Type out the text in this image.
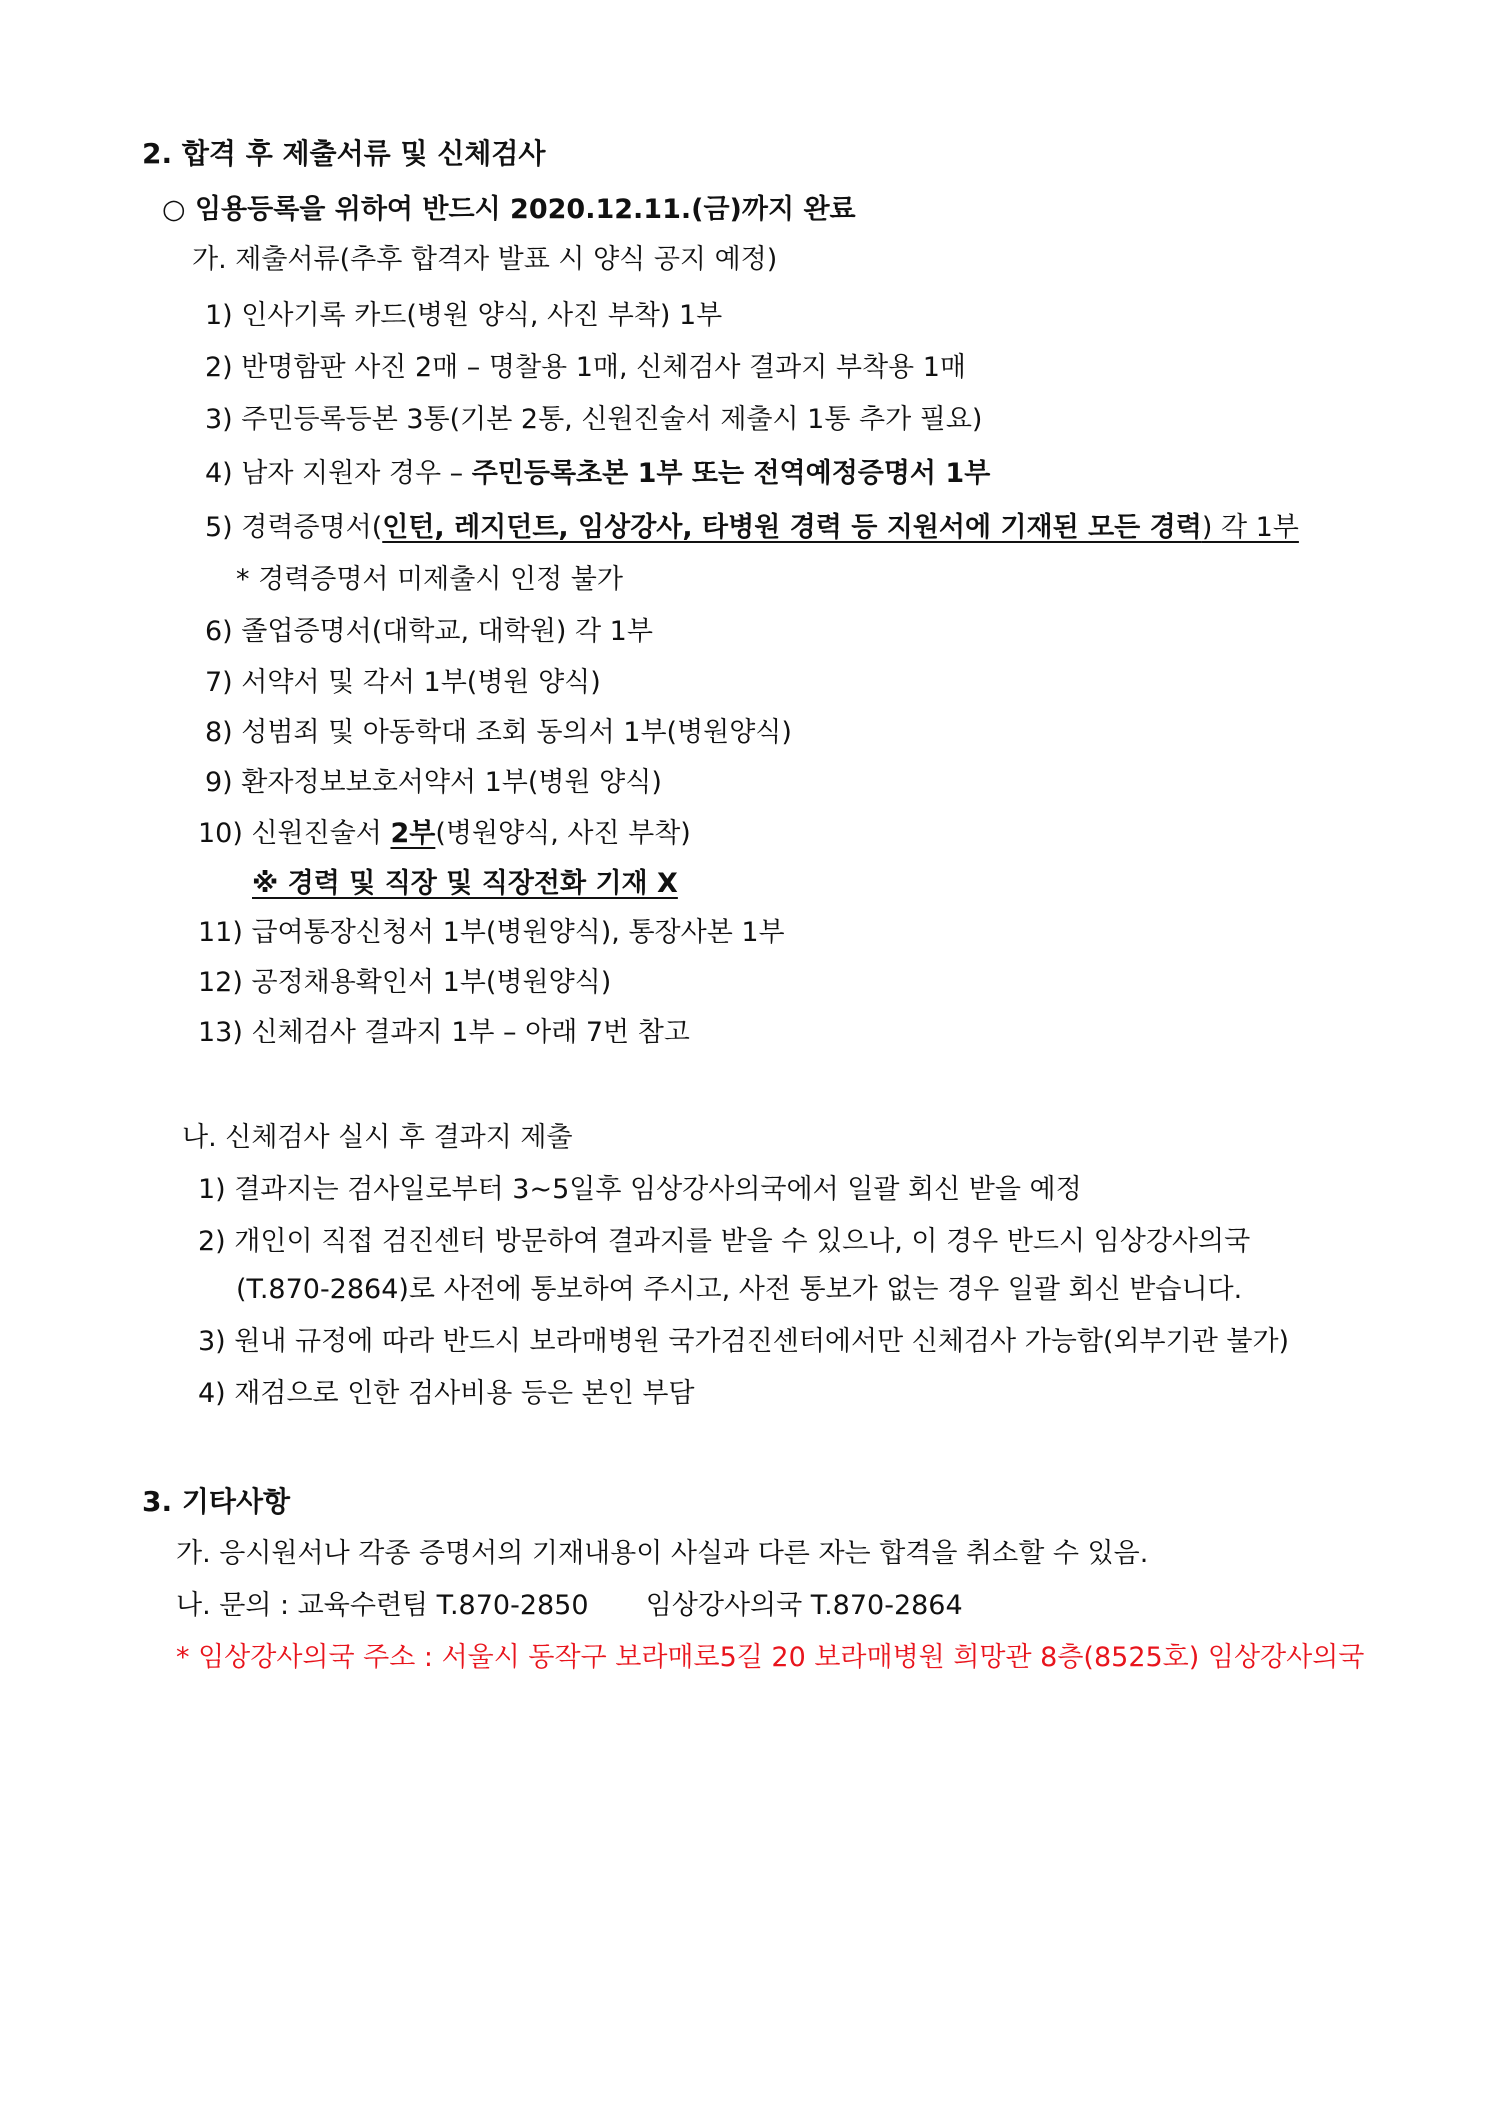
2. 합격 후 제출서류 및 신체검사
○ 임용등록을 위하여 반드시 2020.12.11.(금)까지 완료
가. 제출서류(추후 합격자 발표 시 양식 공지 예정)
1) 인사기록 카드(병원 양식, 사진 부착) 1부
2) 반명함판 사진 2매 – 명찰용 1매, 신체검사 결과지 부착용 1매
3) 주민등록등본 3통(기본 2통, 신원진술서 제출시 1통 추가 필요)
4) 남자 지원자 경우 – 주민등록초본 1부 또는 전역예정증명서 1부
5) 경력증명서(인턴, 레지던트, 임상강사, 타병원 경력 등 지원서에 기재된 모든 경력) 각 1부
* 경력증명서 미제출시 인정 불가
6) 졸업증명서(대학교, 대학원) 각 1부
7) 서약서 및 각서 1부(병원 양식)
8) 성범죄 및 아동학대 조회 동의서 1부(병원양식)
9) 환자정보보호서약서 1부(병원 양식)
10) 신원진술서 2부(병원양식, 사진 부착)
※ 경력 및 직장 및 직장전화 기재 X
11) 급여통장신청서 1부(병원양식), 통장사본 1부
12) 공정채용확인서 1부(병원양식)
13) 신체검사 결과지 1부 – 아래 7번 참고
나. 신체검사 실시 후 결과지 제출
1) 결과지는 검사일로부터 3~5일후 임상강사의국에서 일괄 회신 받을 예정
2) 개인이 직접 검진센터 방문하여 결과지를 받을 수 있으나, 이 경우 반드시 임상강사의국
(T.870-2864)로 사전에 통보하여 주시고, 사전 통보가 없는 경우 일괄 회신 받습니다.
3) 원내 규정에 따라 반드시 보라매병원 국가검진센터에서만 신체검사 가능함(외부기관 불가)
4) 재검으로 인한 검사비용 등은 본인 부담
3. 기타사항
가. 응시원서나 각종 증명서의 기재내용이 사실과 다른 자는 합격을 취소할 수 있음.
나. 문의 : 교육수련팀 T.870-2850 임상강사의국 T.870-2864
* 임상강사의국 주소 : 서울시 동작구 보라매로5길 20 보라매병원 희망관 8층(8525호) 임상강사의국
